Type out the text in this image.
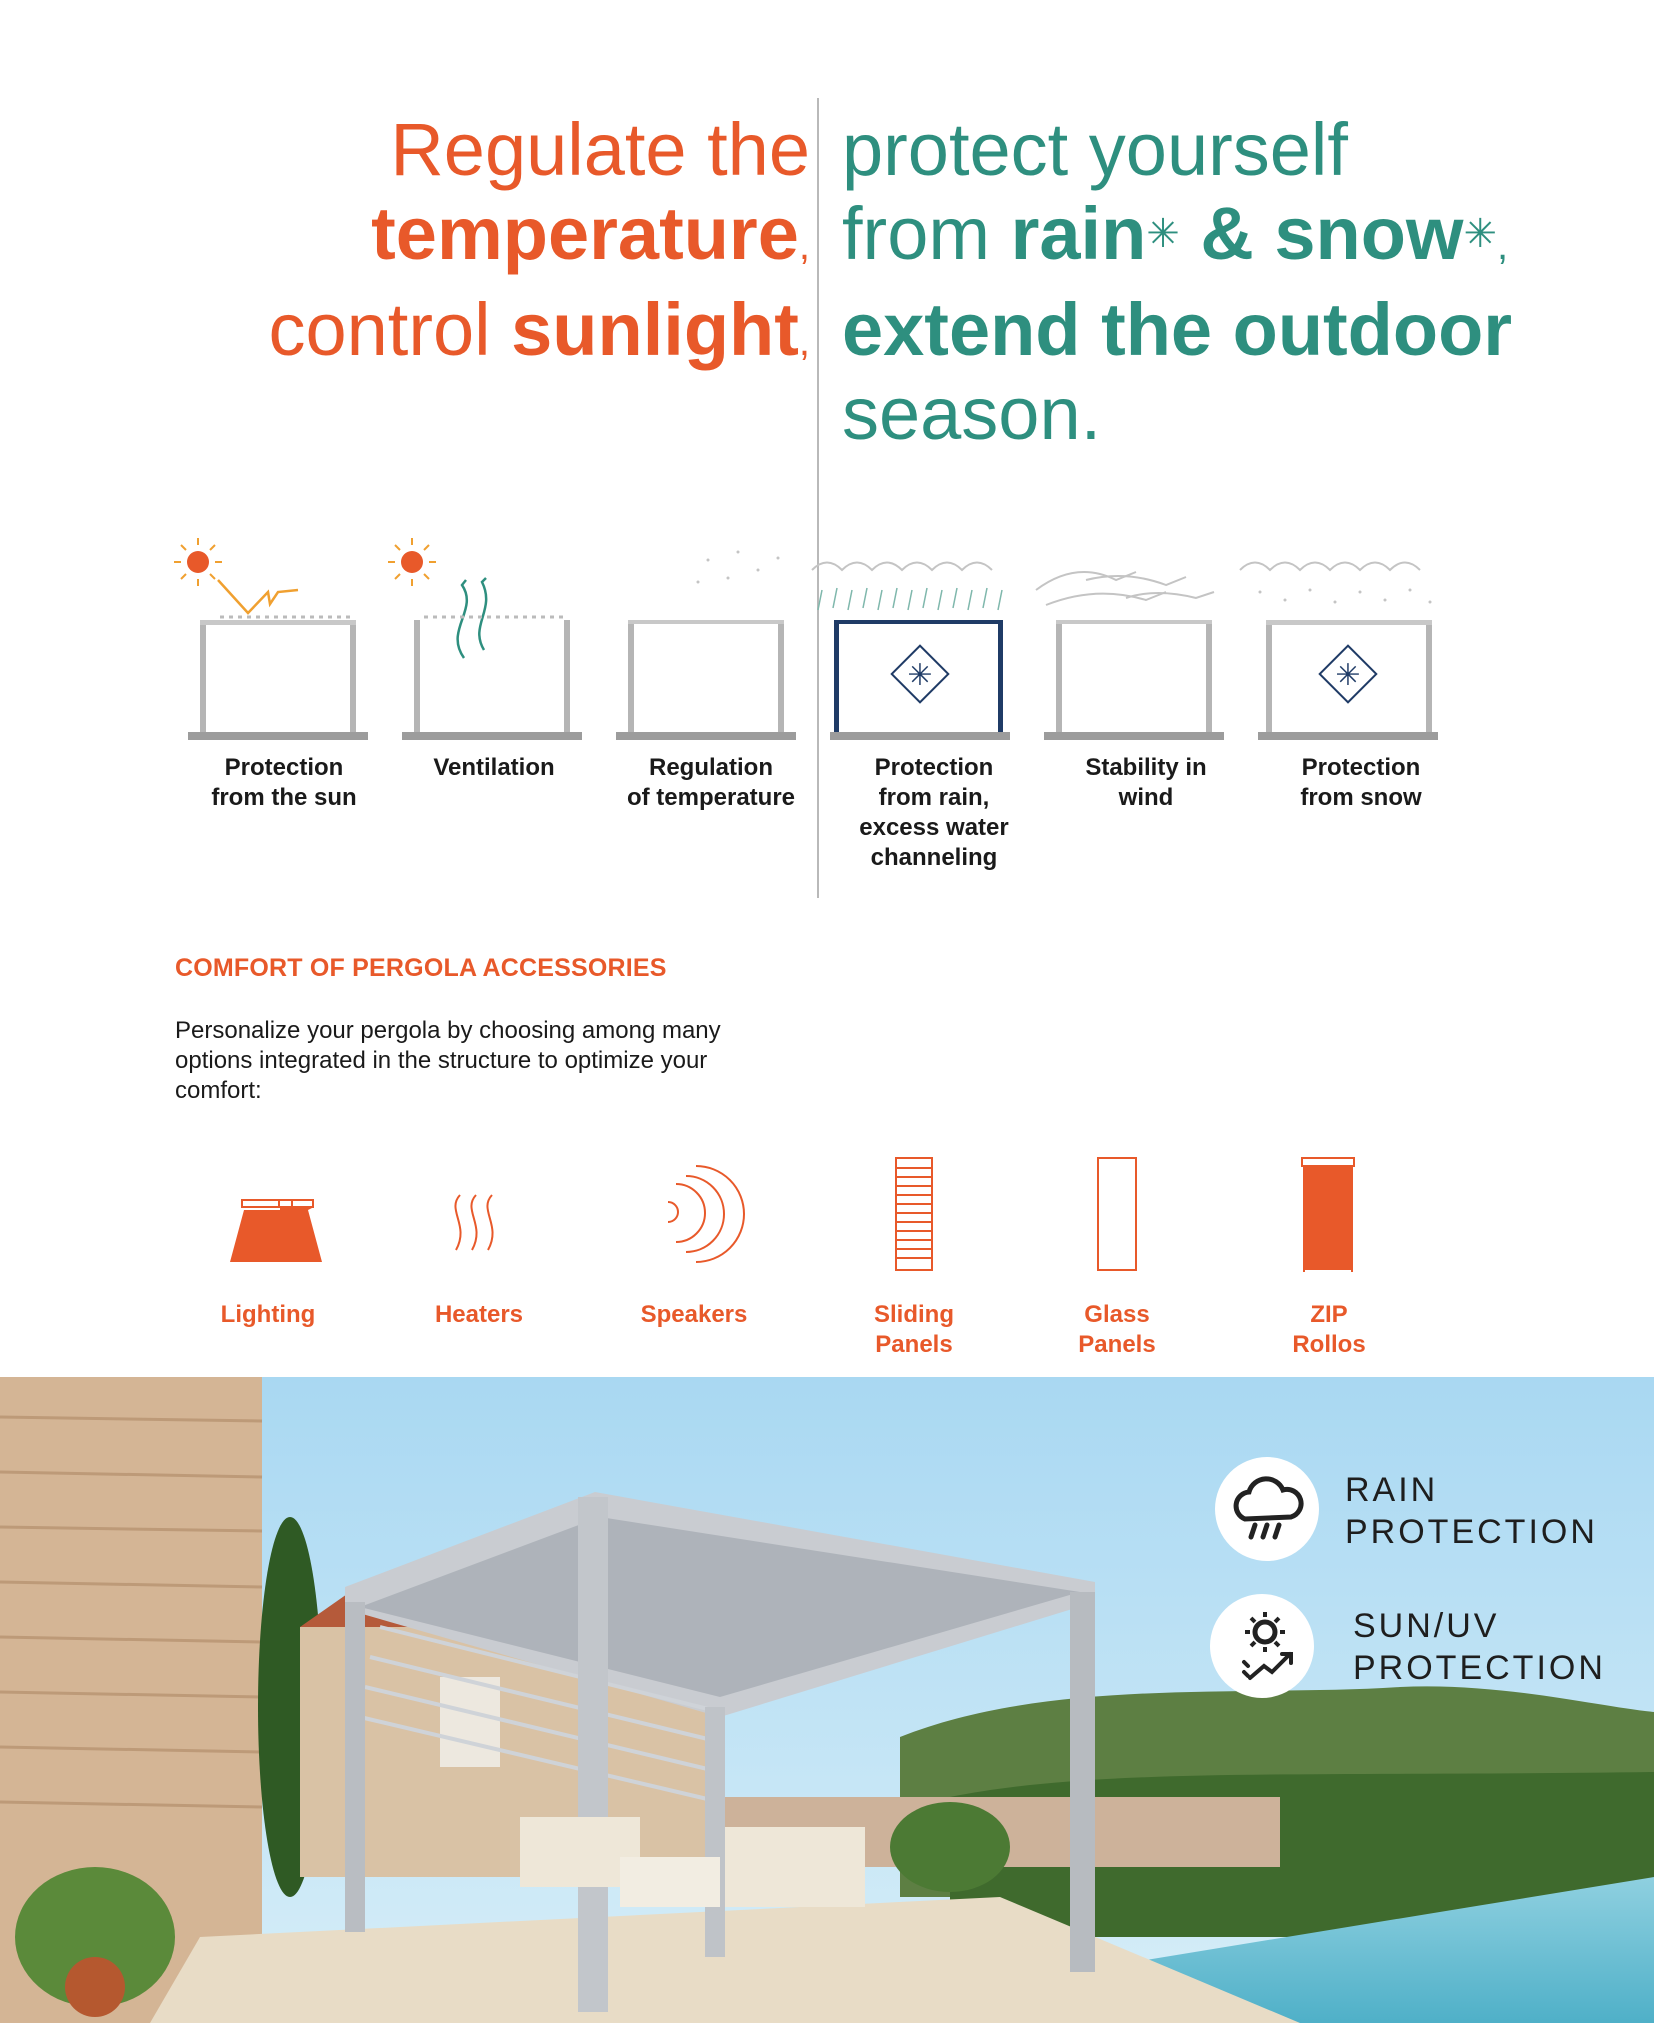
Regulate the
temperature,
control sunlight,
protect yourself
from rain✳ & snow✳,
extend the outdoor
season.
✳	✳
Protection
from the sun
Ventilation	Regulation
of temperature
Protection
from rain,
excess water
channeling
Stability in
wind
Protection
from snow
COMFORT OF PERGOLA ACCESSORIES
Personalize your pergola by choosing among many options integrated in the structure to optimize your comfort:
Lighting	Heaters	Speakers	Sliding
Panels
Glass
Panels
ZIP
Rollos
RAIN
PROTECTION
SUN/UV
PROTECTION
